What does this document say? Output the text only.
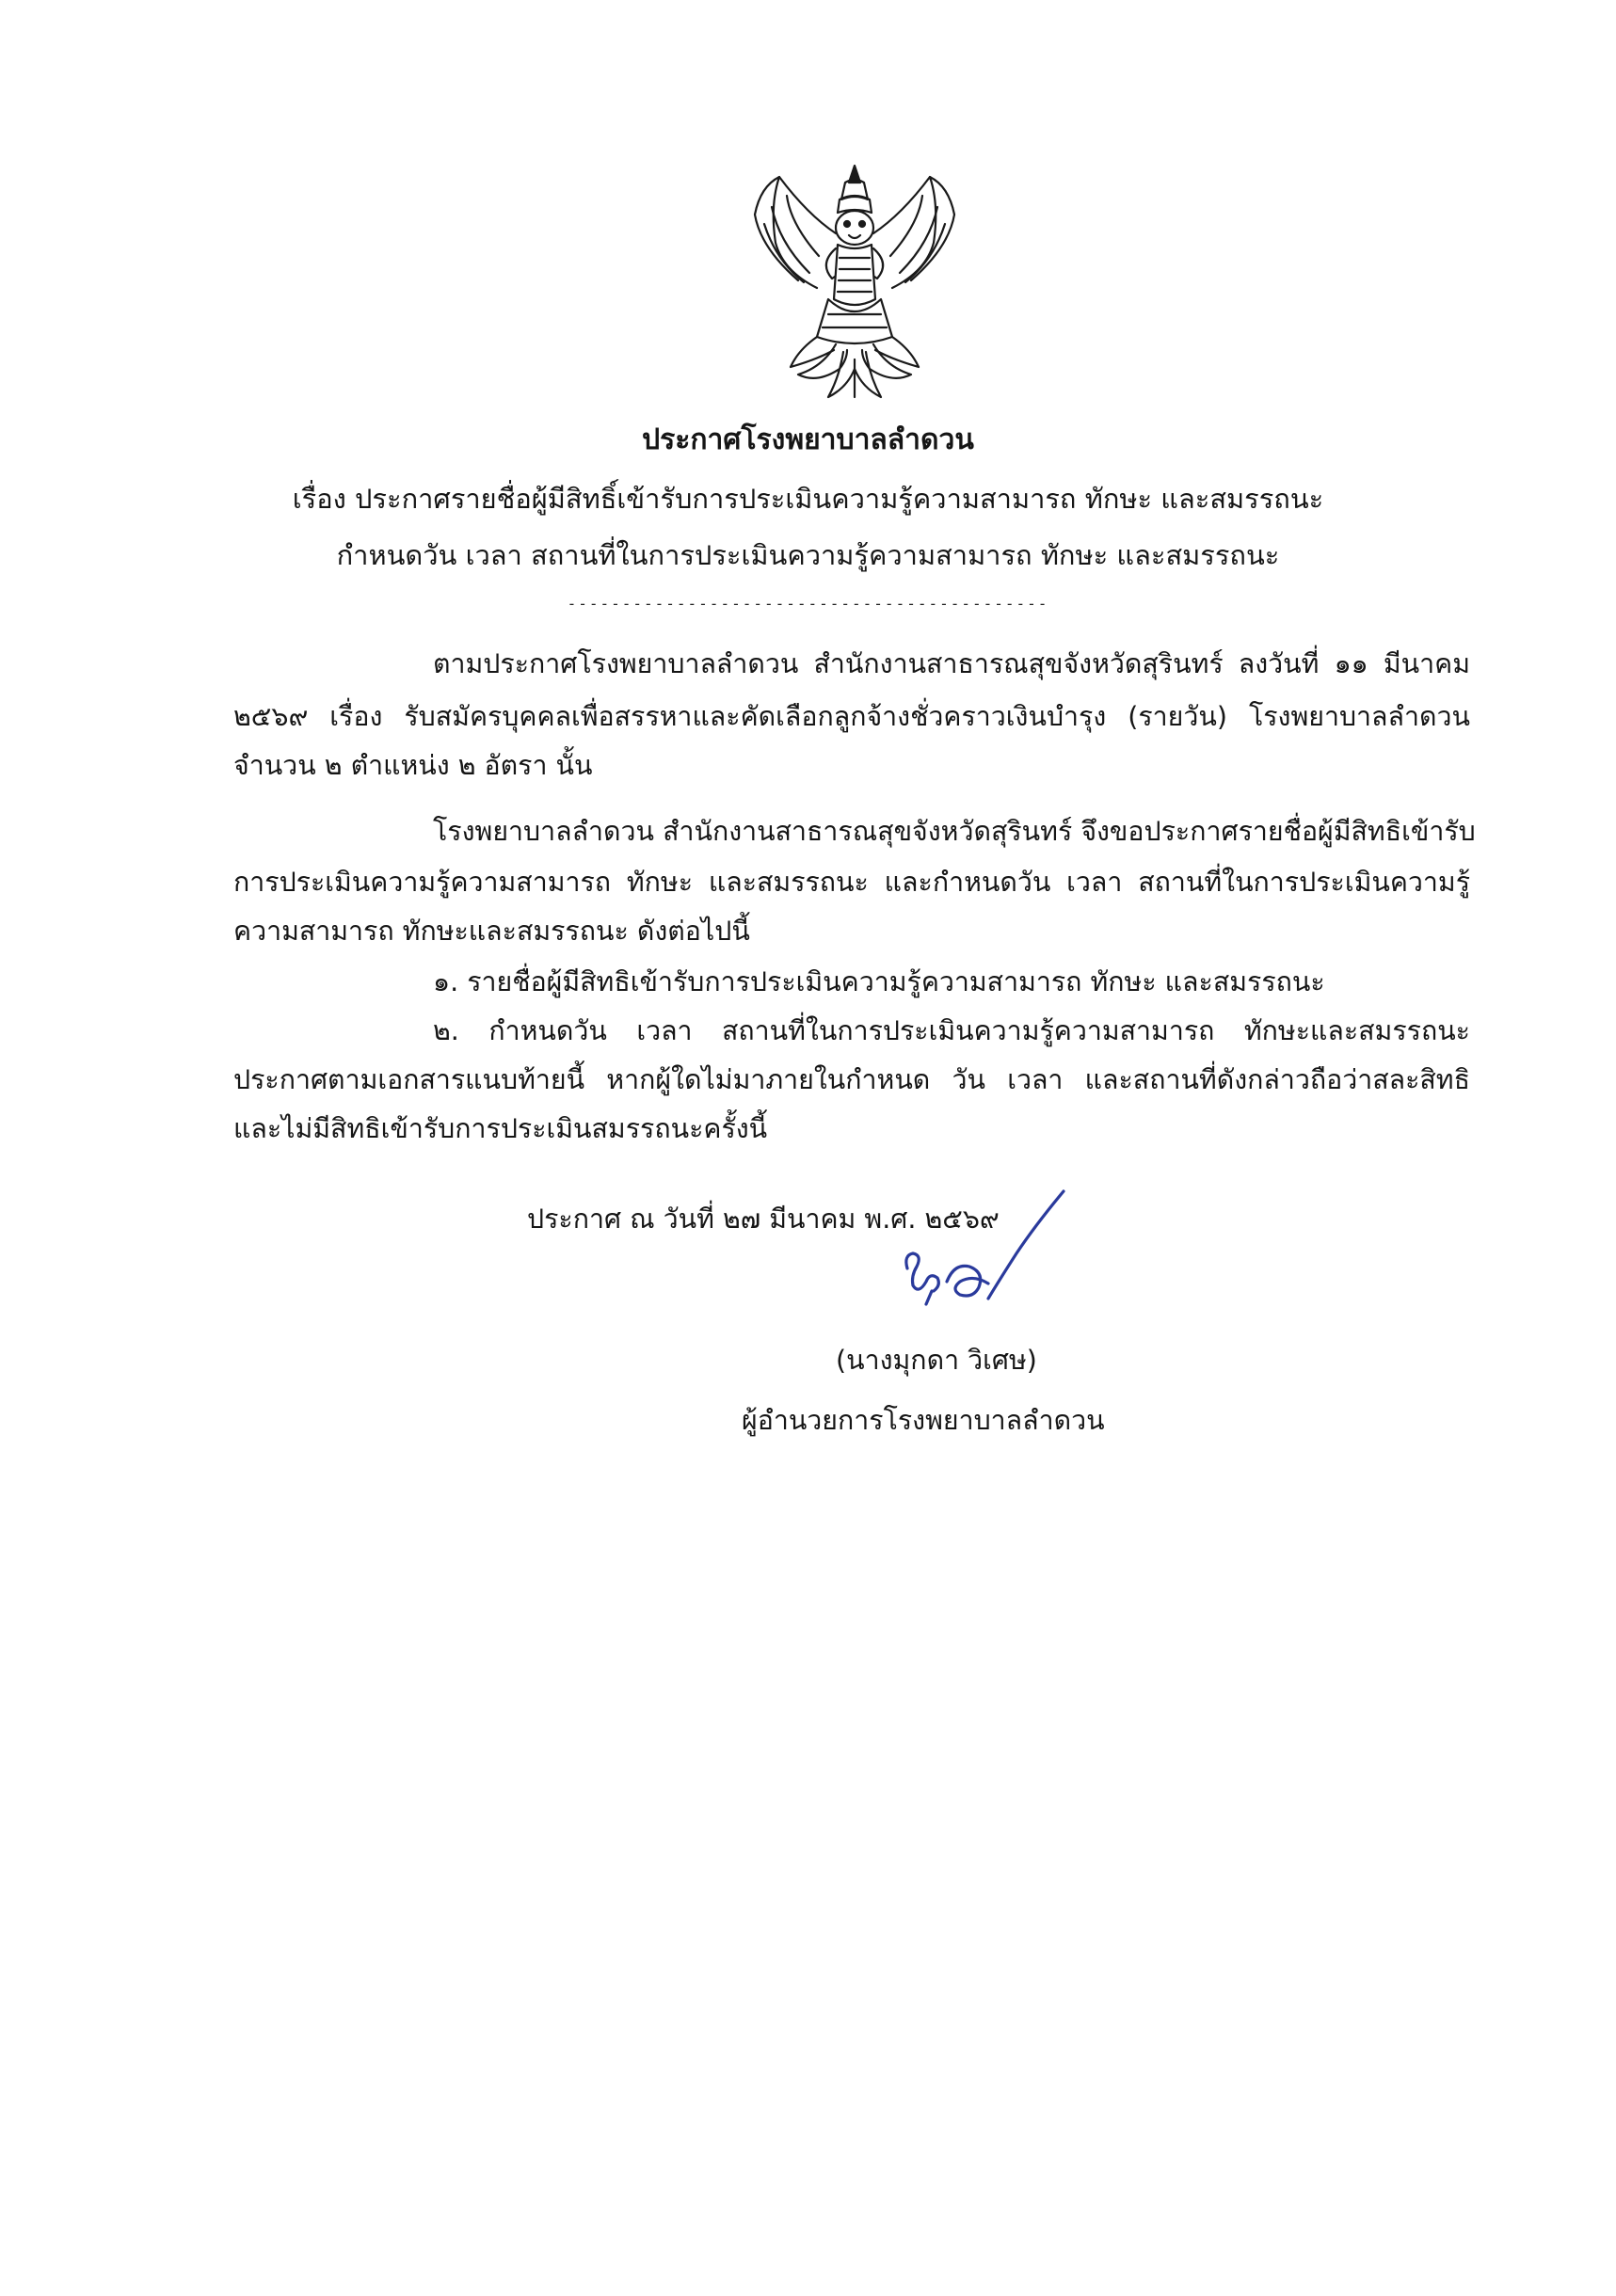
ประกาศโรงพยาบาลลำดวน
เรื่อง ประกาศรายชื่อผู้มีสิทธิ์เข้ารับการประเมินความรู้ความสามารถ ทักษะ และสมรรถนะ
กำหนดวัน เวลา สถานที่ในการประเมินความรู้ความสามารถ ทักษะ และสมรรถนะ
--------------------------------------------
ตามประกาศโรงพยาบาลลำดวน สำนักงานสาธารณสุขจังหวัดสุรินทร์ ลงวันที่ ๑๑ มีนาคม
๒๕๖๙ เรื่อง รับสมัครบุคคลเพื่อสรรหาและคัดเลือกลูกจ้างชั่วคราวเงินบำรุง (รายวัน) โรงพยาบาลลำดวน
จำนวน ๒ ตำแหน่ง ๒ อัตรา นั้น
โรงพยาบาลลำดวน สำนักงานสาธารณสุขจังหวัดสุรินทร์ จึงขอประกาศรายชื่อผู้มีสิทธิเข้ารับ
การประเมินความรู้ความสามารถ ทักษะ และสมรรถนะ และกำหนดวัน เวลา สถานที่ในการประเมินความรู้
ความสามารถ ทักษะและสมรรถนะ ดังต่อไปนี้
๑. รายชื่อผู้มีสิทธิเข้ารับการประเมินความรู้ความสามารถ ทักษะ และสมรรถนะ
๒. กำหนดวัน เวลา สถานที่ในการประเมินความรู้ความสามารถ ทักษะและสมรรถนะ
ประกาศตามเอกสารแนบท้ายนี้ หากผู้ใดไม่มาภายในกำหนด วัน เวลา และสถานที่ดังกล่าวถือว่าสละสิทธิ
และไม่มีสิทธิเข้ารับการประเมินสมรรถนะครั้งนี้
ประกาศ ณ วันที่ ๒๗ มีนาคม พ.ศ. ๒๕๖๙
(นางมุกดา วิเศษ)
ผู้อำนวยการโรงพยาบาลลำดวน
